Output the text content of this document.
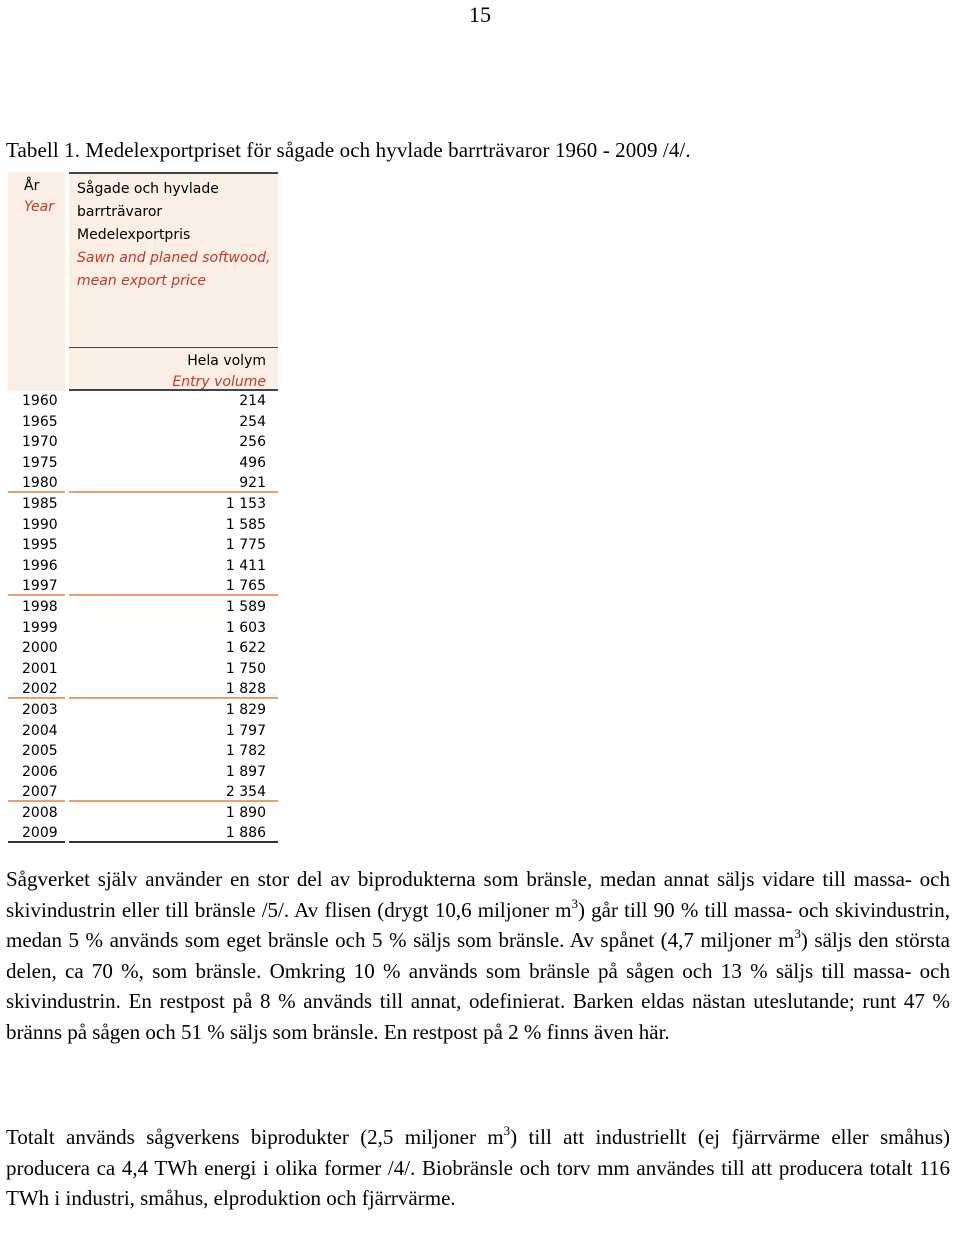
15
Tabell 1. Medelexportpriset för sågade och hyvlade barrträvaror 1960 - 2009 /4/.
År
Year
Sågade och hyvlade
barrträvaror
Medelexportpris
Sawn and planed softwood,
mean export price
Hela volym
Entry volume
1960	214
1965	254
1970	256
1975	496
1980	921
1985	1 153
1990	1 585
1995	1 775
1996	1 411
1997	1 765
1998	1 589
1999	1 603
2000	1 622
2001	1 750
2002	1 828
2003	1 829
2004	1 797
2005	1 782
2006	1 897
2007	2 354
2008	1 890
2009	1 886
Sågverket själv använder en stor del av biprodukterna som bränsle, medan annat säljs vidare till massa- och skivindustrin eller till bränsle /5/. Av flisen (drygt 10,6 miljoner $m^3$) går till 90 % till massa- och skivindustrin, medan 5 % används som eget bränsle och 5 % säljs som bränsle. Av spånet (4,7 miljoner $m^3$) säljs den största delen, ca 70 %, som bränsle. Omkring 10 % används som bränsle på sågen och 13 % säljs till massa- och skivindustrin. En restpost på 8 % används till annat, odefinierat. Barken eldas nästan uteslutande; runt 47 % bränns på sågen och 51 % säljs som bränsle. En restpost på 2 % finns även här.
Totalt används sågverkens biprodukter (2,5 miljoner $m^3$) till att industriellt (ej fjärrvärme eller småhus) producera ca 4,4 TWh energi i olika former /4/. Biobränsle och torv mm användes till att producera totalt 116 TWh i industri, småhus, elproduktion och fjärrvärme.
